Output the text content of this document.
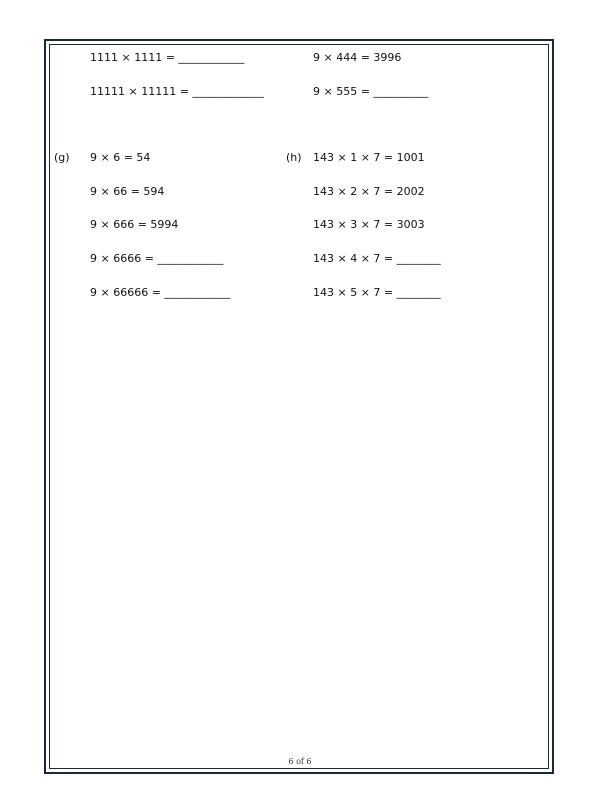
1111 × 1111 = ____________
11111 × 11111 = _____________
9 × 444 = 3996
9 × 555 = __________
(g) 9 × 6 = 54
9 × 66 = 594
9 × 666 = 5994
9 × 6666 = ____________
9 × 66666 = ____________
(h) 143 × 1 × 7 = 1001
143 × 2 × 7 = 2002
143 × 3 × 7 = 3003
143 × 4 × 7 = ________
143 × 5 × 7 = ________
6 of 6
